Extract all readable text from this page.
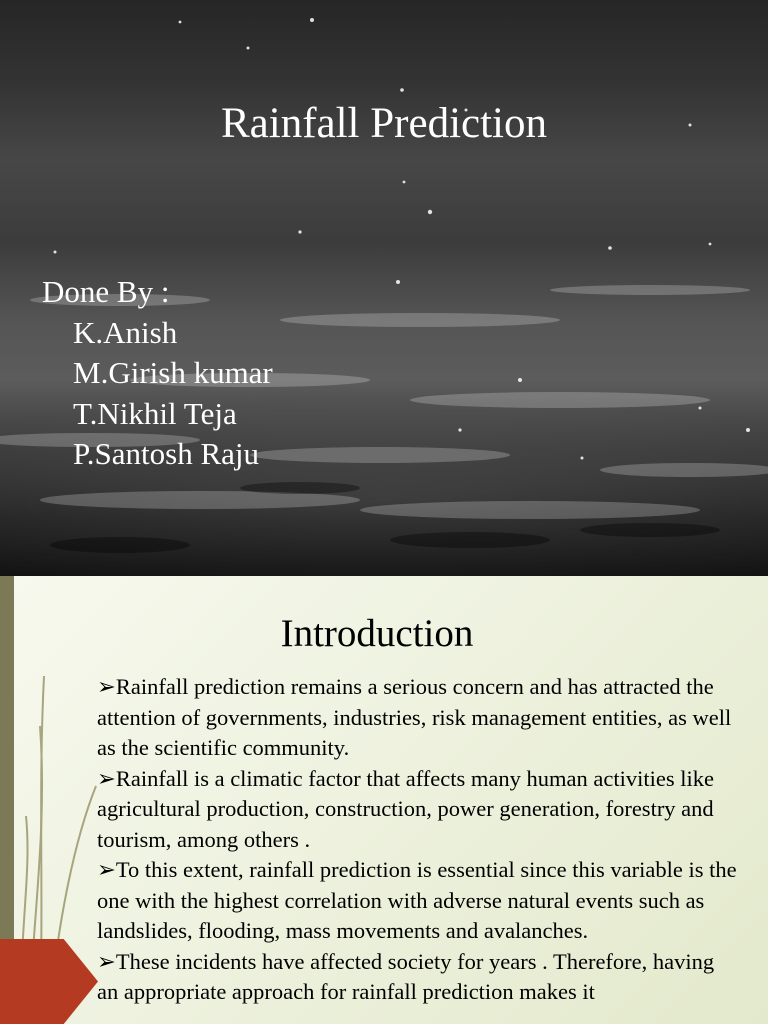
Rainfall Prediction
Done By :
K.Anish
M.Girish kumar
T.Nikhil Teja
P.Santosh Raju
Introduction

➢Rainfall prediction remains a serious concern and has attracted the attention of governments, industries, risk management entities, as well as the scientific community.

➢Rainfall is a climatic factor that affects many human activities like agricultural production, construction, power generation, forestry and tourism, among others .

➢To this extent, rainfall prediction is essential since this variable is the one with the highest correlation with adverse natural events such as landslides, flooding, mass movements and avalanches.

➢These incidents have affected society for years . Therefore, having an appropriate approach for rainfall prediction makes it
